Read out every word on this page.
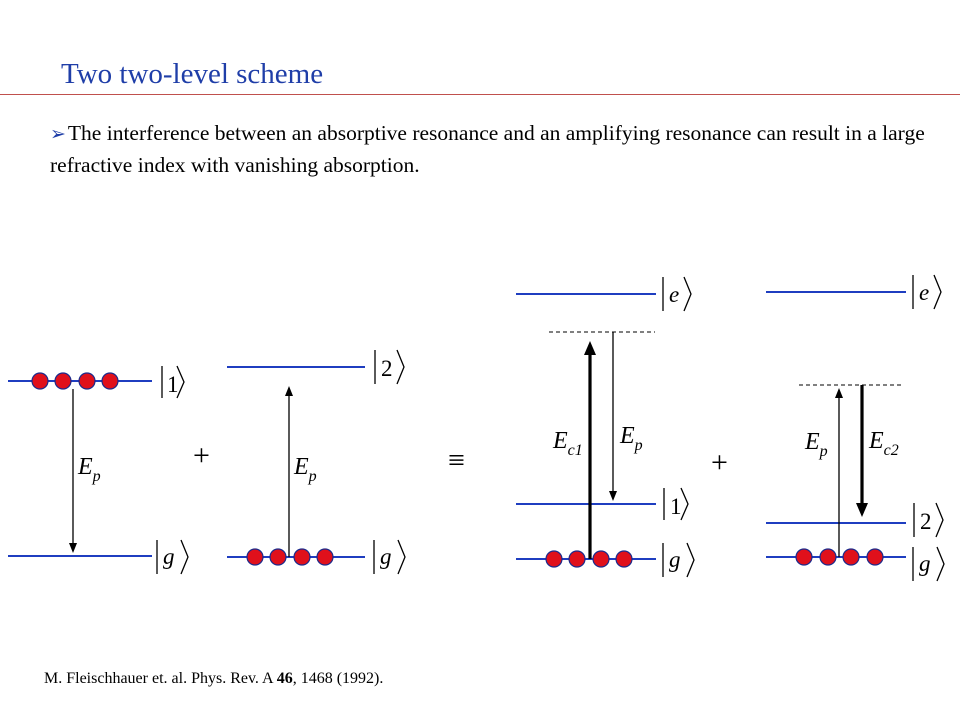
Two two-level scheme
➢The interference between an absorptive resonance and an amplifying resonance can result in a large refractive index with vanishing absorption.
$E_p$
1
g
+	$E_p$
2
g
≡
$E_{c1}$
$E_p$
e
1
g
+
$E_p$ $E_{c2}$
e
2
g
M. Fleischhauer et. al. Phys. Rev. A 46, 1468 (1992).
